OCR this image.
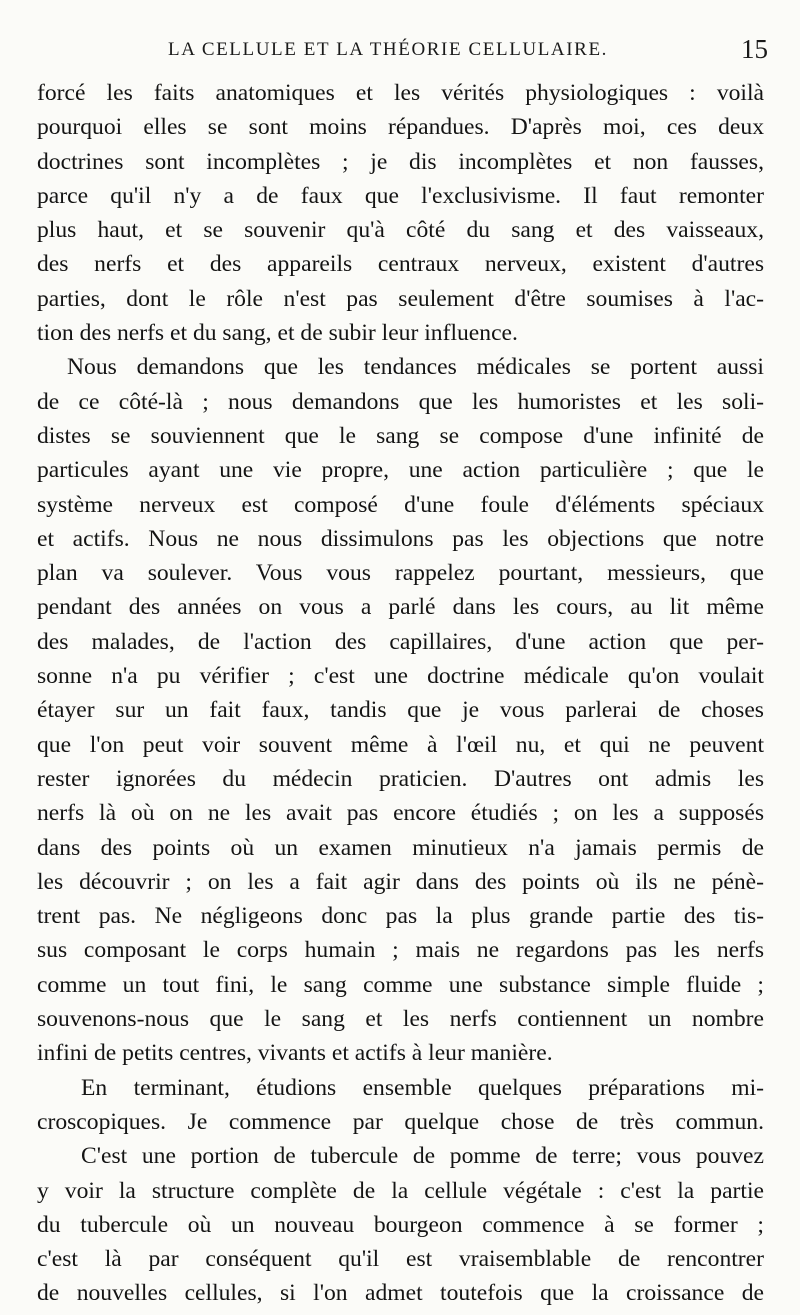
LA CELLULE ET LA THÉORIE CELLULAIRE.	15

forcé les faits anatomiques et les vérités physiologiques : voilà
pourquoi elles se sont moins répandues. D'après moi, ces deux
doctrines sont incomplètes ; je dis incomplètes et non fausses,
parce qu'il n'y a de faux que l'exclusivisme. Il faut remonter
plus haut, et se souvenir qu'à côté du sang et des vaisseaux,
des nerfs et des appareils centraux nerveux, existent d'autres
parties, dont le rôle n'est pas seulement d'être soumises à l'ac-
tion des nerfs et du sang, et de subir leur influence.

Nous demandons que les tendances médicales se portent aussi
de ce côté-là ; nous demandons que les humoristes et les soli-
distes se souviennent que le sang se compose d'une infinité de
particules ayant une vie propre, une action particulière ; que le
système nerveux est composé d'une foule d'éléments spéciaux
et actifs. Nous ne nous dissimulons pas les objections que notre
plan va soulever. Vous vous rappelez pourtant, messieurs, que
pendant des années on vous a parlé dans les cours, au lit même
des malades, de l'action des capillaires, d'une action que per-
sonne n'a pu vérifier ; c'est une doctrine médicale qu'on voulait
étayer sur un fait faux, tandis que je vous parlerai de choses
que l'on peut voir souvent même à l'œil nu, et qui ne peuvent
rester ignorées du médecin praticien. D'autres ont admis les
nerfs là où on ne les avait pas encore étudiés ; on les a supposés
dans des points où un examen minutieux n'a jamais permis de
les découvrir ; on les a fait agir dans des points où ils ne pénè-
trent pas. Ne négligeons donc pas la plus grande partie des tis-
sus composant le corps humain ; mais ne regardons pas les nerfs
comme un tout fini, le sang comme une substance simple fluide ;
souvenons-nous que le sang et les nerfs contiennent un nombre
infini de petits centres, vivants et actifs à leur manière.

En terminant, étudions ensemble quelques préparations mi-
croscopiques. Je commence par quelque chose de très commun.

C'est une portion de tubercule de pomme de terre; vous pouvez
y voir la structure complète de la cellule végétale : c'est la partie
du tubercule où un nouveau bourgeon commence à se former ;
c'est là par conséquent qu'il est vraisemblable de rencontrer
de nouvelles cellules, si l'on admet toutefois que la croissance de
